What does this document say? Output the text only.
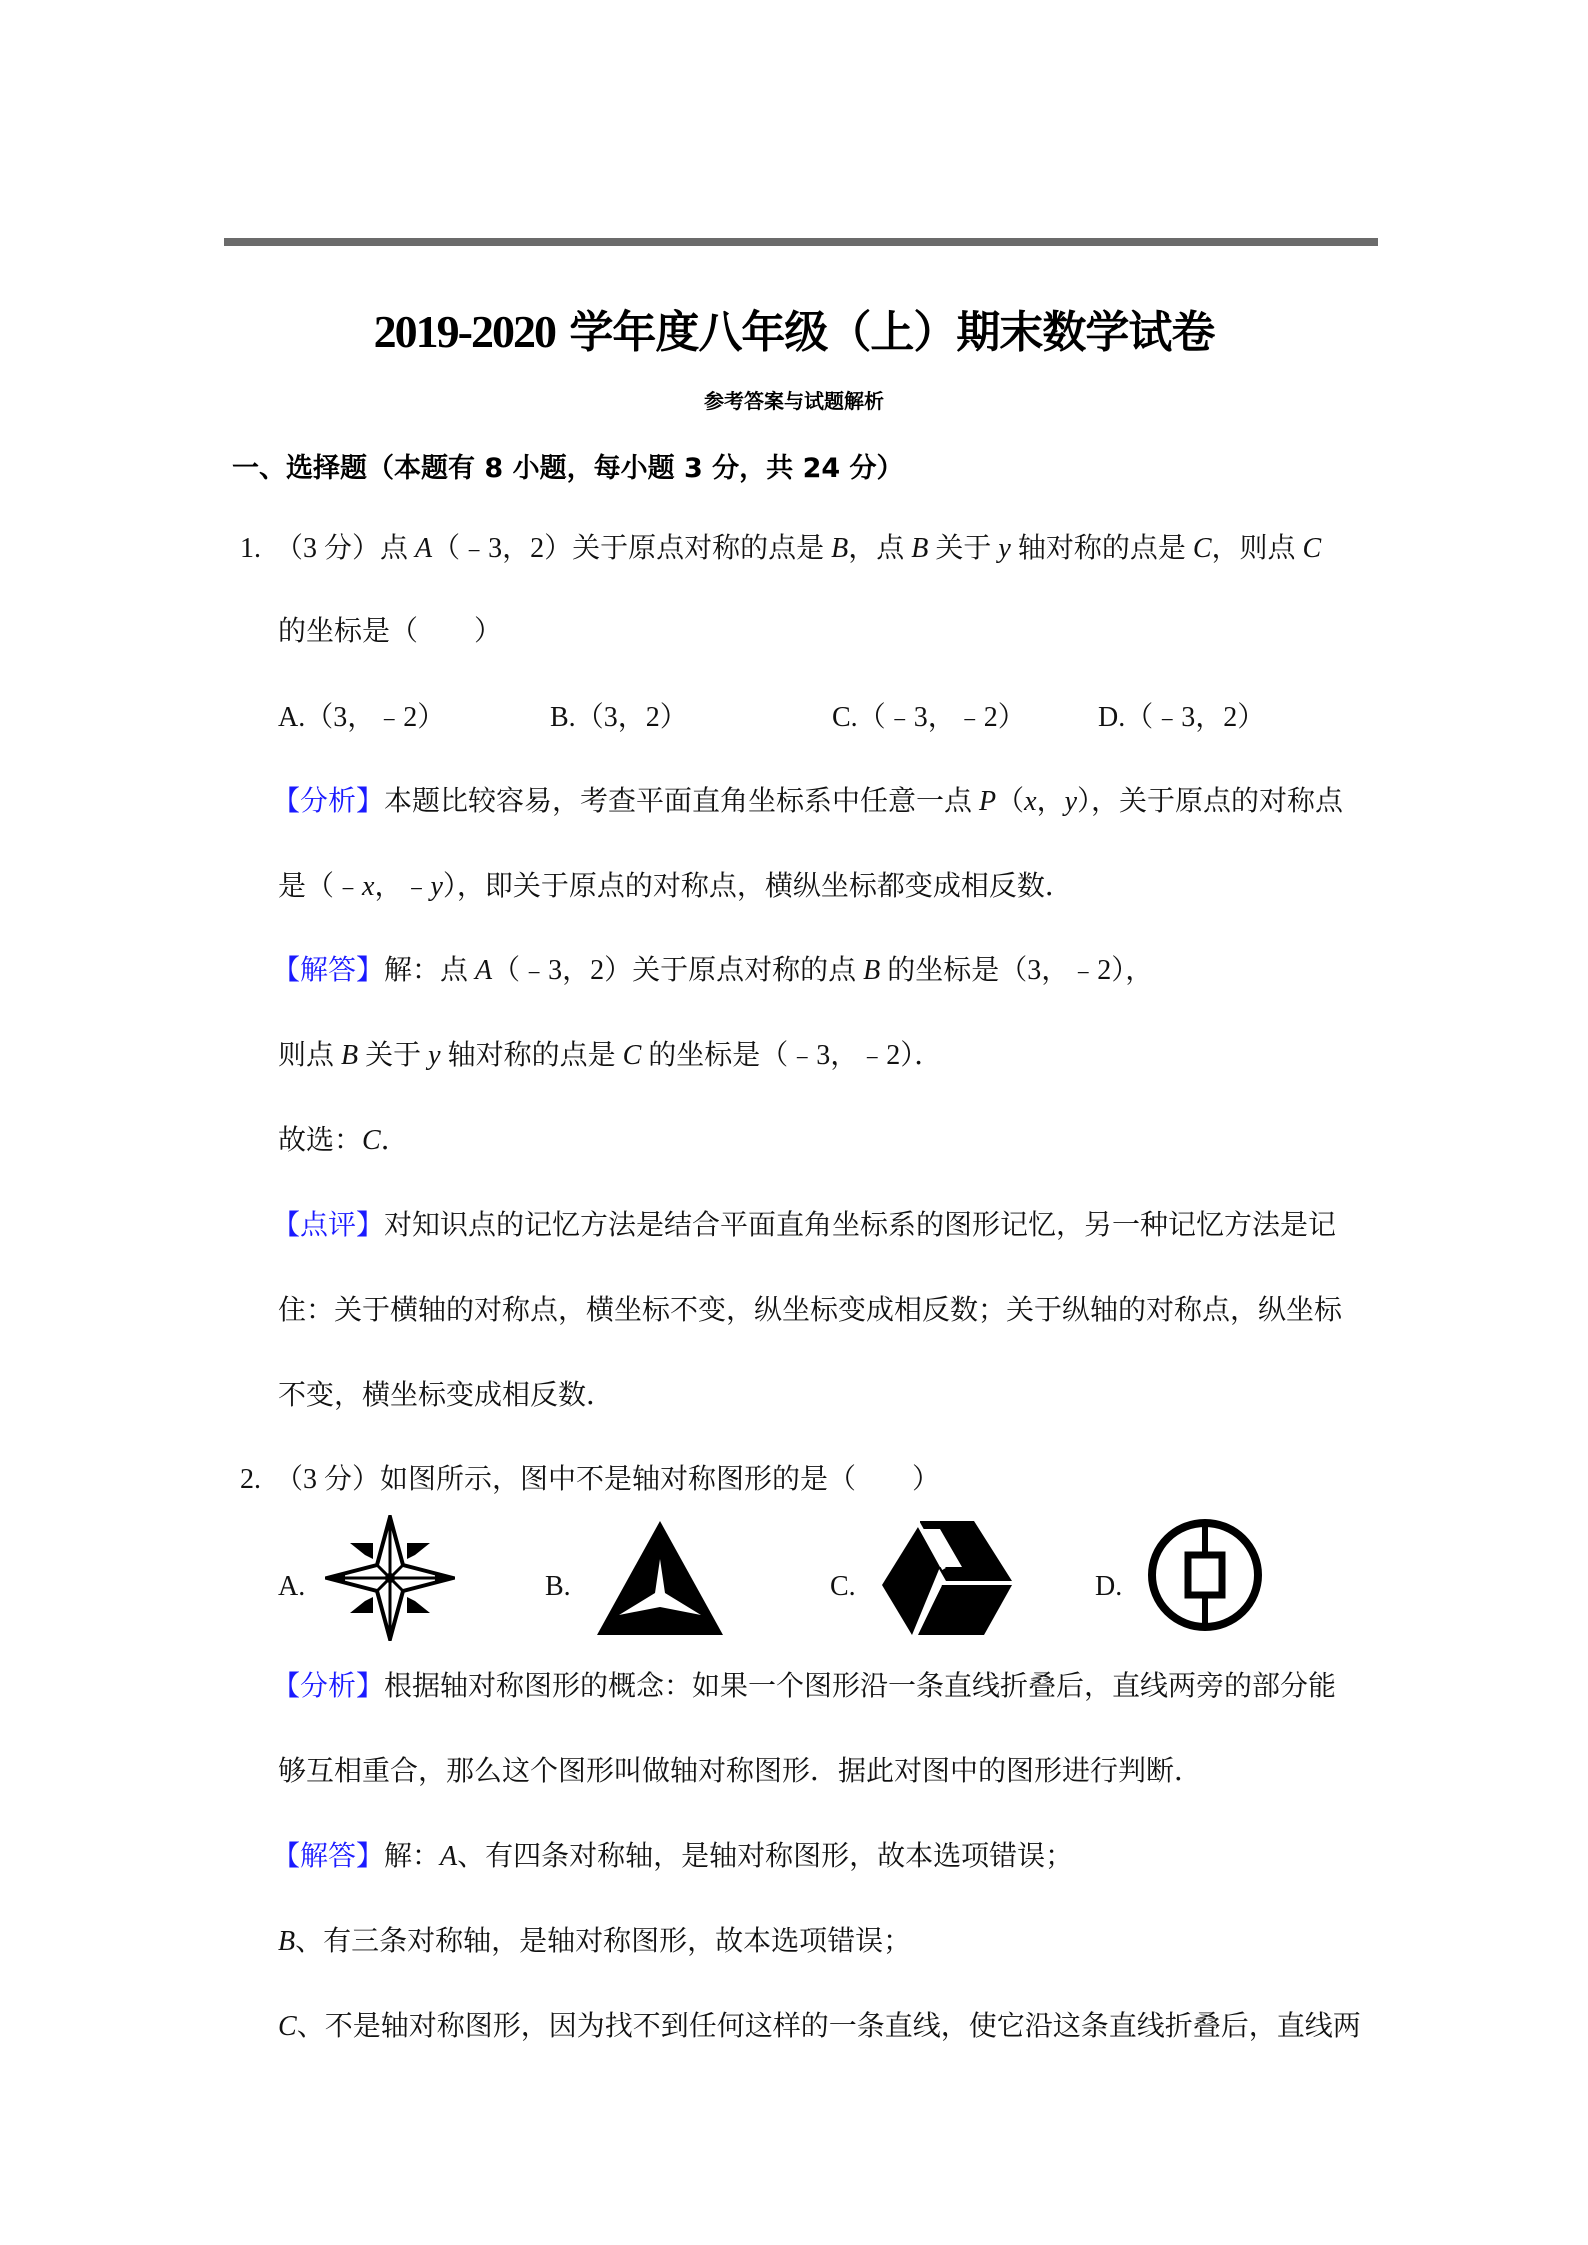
2019-2020 学年度八年级（上）期末数学试卷
参考答案与试题解析
一、选择题（本题有 8 小题，每小题 3 分，共 24 分）
1. （3 分）点 A（﹣3，2）关于原点对称的点是 B，点 B 关于 y 轴对称的点是 C，则点 C
的坐标是（　　）
A.（3，﹣2）	B.（3，2）	C.（﹣3，﹣2）	D.（﹣3，2）
【分析】本题比较容易，考查平面直角坐标系中任意一点 P（x，y），关于原点的对称点
是（﹣x，﹣y），即关于原点的对称点，横纵坐标都变成相反数．
【解答】解：点 A（﹣3，2）关于原点对称的点 B 的坐标是（3，﹣2），
则点 B 关于 y 轴对称的点是 C 的坐标是（﹣3，﹣2）．
故选：C．
【点评】对知识点的记忆方法是结合平面直角坐标系的图形记忆，另一种记忆方法是记
住：关于横轴的对称点，横坐标不变，纵坐标变成相反数；关于纵轴的对称点，纵坐标
不变，横坐标变成相反数．
2. （3 分）如图所示，图中不是轴对称图形的是（　　）
A.	B.	C.	D.
【分析】根据轴对称图形的概念：如果一个图形沿一条直线折叠后，直线两旁的部分能
够互相重合，那么这个图形叫做轴对称图形．据此对图中的图形进行判断．
【解答】解：A、有四条对称轴，是轴对称图形，故本选项错误；
B、有三条对称轴，是轴对称图形，故本选项错误；
C、不是轴对称图形，因为找不到任何这样的一条直线，使它沿这条直线折叠后，直线两
